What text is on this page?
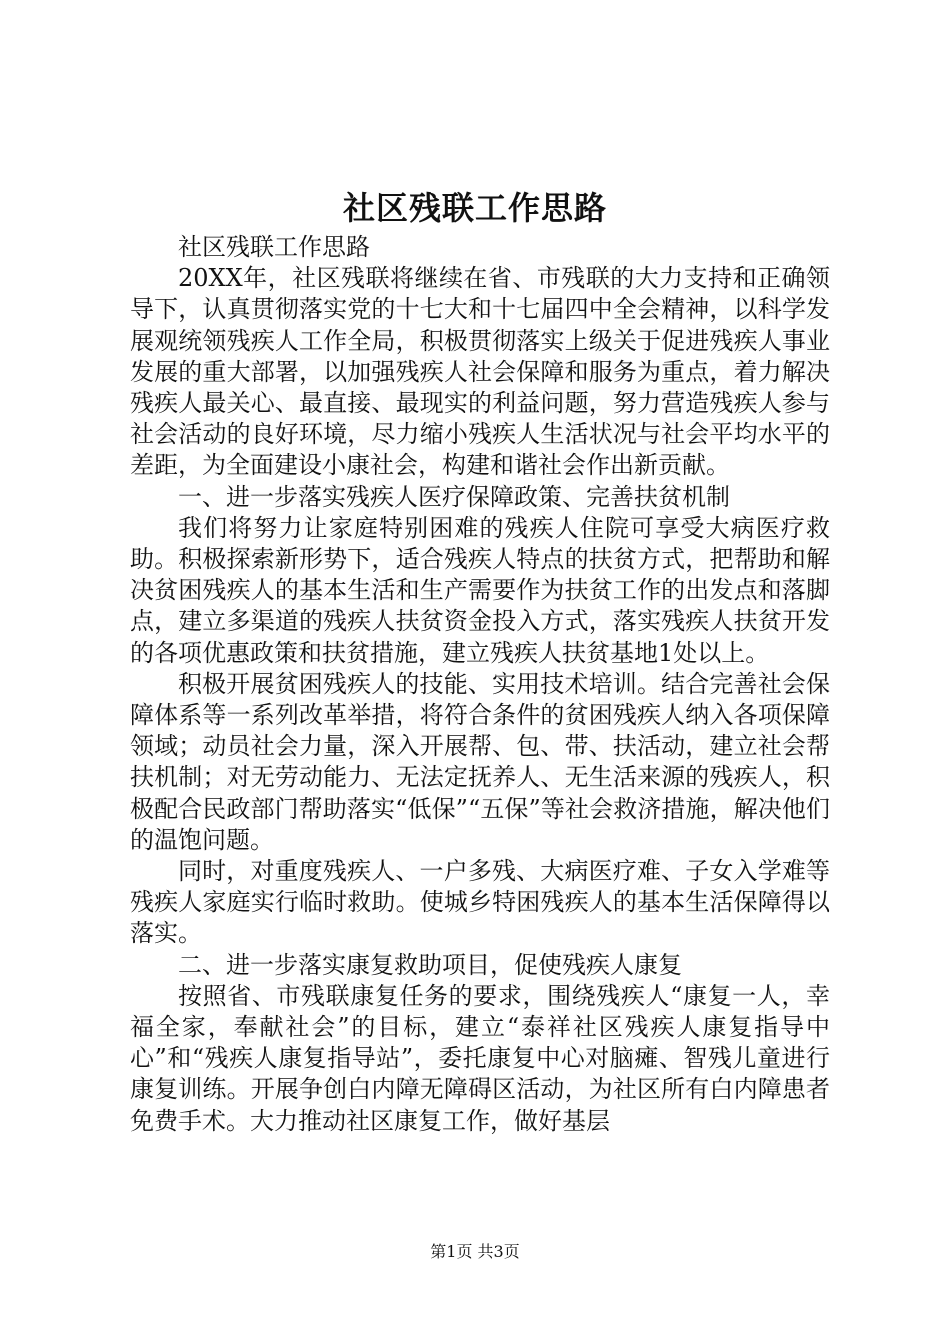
社区残联工作思路

社区残联工作思路

20XX年，社区残联将继续在省、市残联的大力支持和正确领导下，认真贯彻落实党的十七大和十七届四中全会精神，以科学发展观统领残疾人工作全局，积极贯彻落实上级关于促进残疾人事业发展的重大部署，以加强残疾人社会保障和服务为重点，着力解决残疾人最关心、最直接、最现实的利益问题，努力营造残疾人参与社会活动的良好环境，尽力缩小残疾人生活状况与社会平均水平的差距，为全面建设小康社会，构建和谐社会作出新贡献。

一、进一步落实残疾人医疗保障政策、完善扶贫机制

我们将努力让家庭特别困难的残疾人住院可享受大病医疗救助。积极探索新形势下，适合残疾人特点的扶贫方式，把帮助和解决贫困残疾人的基本生活和生产需要作为扶贫工作的出发点和落脚点，建立多渠道的残疾人扶贫资金投入方式，落实残疾人扶贫开发的各项优惠政策和扶贫措施，建立残疾人扶贫基地1处以上。

积极开展贫困残疾人的技能、实用技术培训。结合完善社会保障体系等一系列改革举措，将符合条件的贫困残疾人纳入各项保障领域；动员社会力量，深入开展帮、包、带、扶活动，建立社会帮扶机制；对无劳动能力、无法定抚养人、无生活来源的残疾人，积极配合民政部门帮助落实“低保”“五保”等社会救济措施，解决他们的温饱问题。

同时，对重度残疾人、一户多残、大病医疗难、子女入学难等残疾人家庭实行临时救助。使城乡特困残疾人的基本生活保障得以落实。

二、进一步落实康复救助项目，促使残疾人康复

按照省、市残联康复任务的要求，围绕残疾人“康复一人，幸福全家，奉献社会”的目标，建立“泰祥社区残疾人康复指导中心”和“残疾人康复指导站”，委托康复中心对脑瘫、智残儿童进行康复训练。开展争创白内障无障碍区活动，为社区所有白内障患者免费手术。大力推动社区康复工作，做好基层

第1页 共3页
